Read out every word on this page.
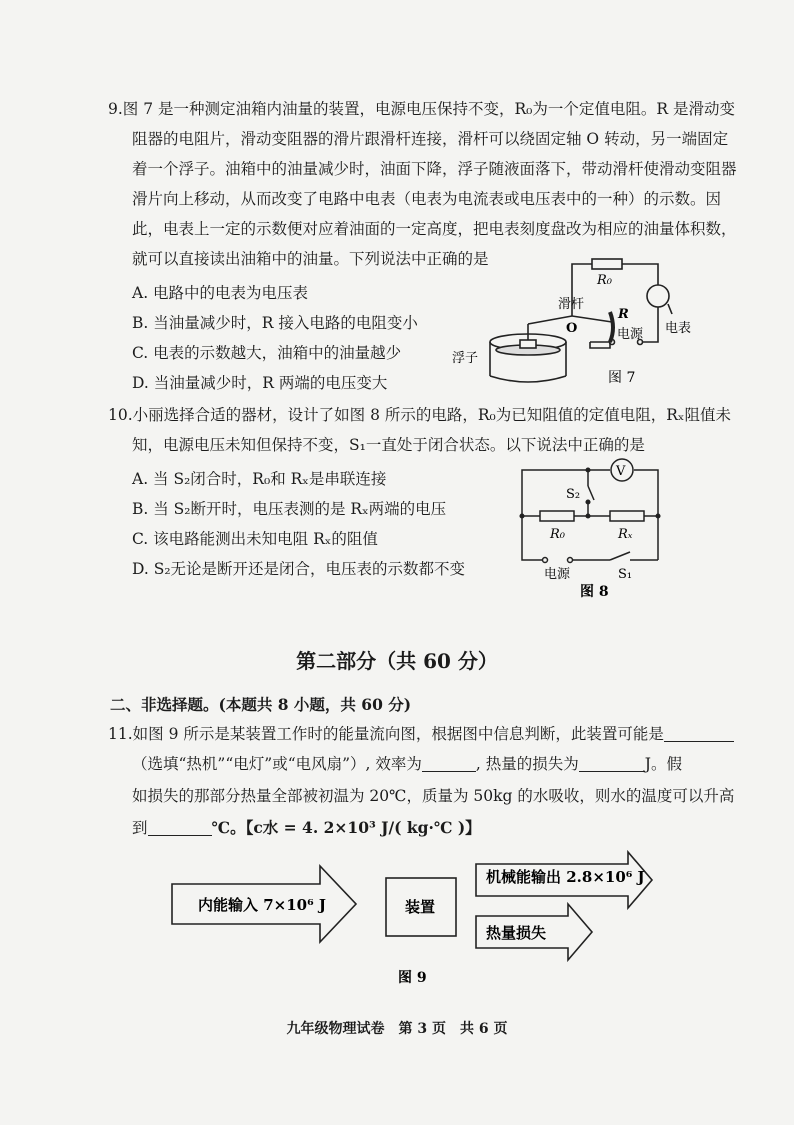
9.图 7 是一种测定油箱内油量的装置，电源电压保持不变，R₀为一个定值电阻。R 是滑动变
阻器的电阻片，滑动变阻器的滑片跟滑杆连接，滑杆可以绕固定轴 O 转动，另一端固定
着一个浮子。油箱中的油量减少时，油面下降，浮子随液面落下，带动滑杆使滑动变阻器
滑片向上移动，从而改变了电路中电表（电表为电流表或电压表中的一种）的示数。因
此，电表上一定的示数便对应着油面的一定高度，把电表刻度盘改为相应的油量体积数，
就可以直接读出油箱中的油量。下列说法中正确的是
A. 电路中的电表为电压表
B. 当油量减少时，R 接入电路的电阻变小
C. 电表的示数越大，油箱中的油量越少
D. 当油量减少时，R 两端的电压变大
R₀
滑杆
R
O	电源 电表
浮子
图 7
10.小丽选择合适的器材，设计了如图 8 所示的电路，R₀为已知阻值的定值电阻，Rₓ阻值未
知，电源电压未知但保持不变，S₁一直处于闭合状态。以下说法中正确的是
A. 当 S₂闭合时，R₀和 Rₓ是串联连接
B. 当 S₂断开时，电压表测的是 Rₓ两端的电压
C. 该电路能测出未知电阻 Rₓ的阻值
D. S₂无论是断开还是闭合，电压表的示数都不变
V
S₂
R₀	Rₓ
电源	S₁
图 8
第二部分（共 60 分）
二、非选择题。(本题共 8 小题，共 60 分)
11.如图 9 所示是某装置工作时的能量流向图，根据图中信息判断，此装置可能是
（选填“热机”“电灯”或“电风扇”）, 效率为	, 热量的损失为	J。假
如损失的那部分热量全部被初温为 20℃，质量为 50kg 的水吸收，则水的温度可以升高
到	℃。【c水 = 4. 2×10³ J/( kg·℃ )】
内能输入 7×10⁶ J	装置
机械能输出 2.8×10⁶ J
热量损失
图 9
九年级物理试卷　第 3 页　共 6 页
